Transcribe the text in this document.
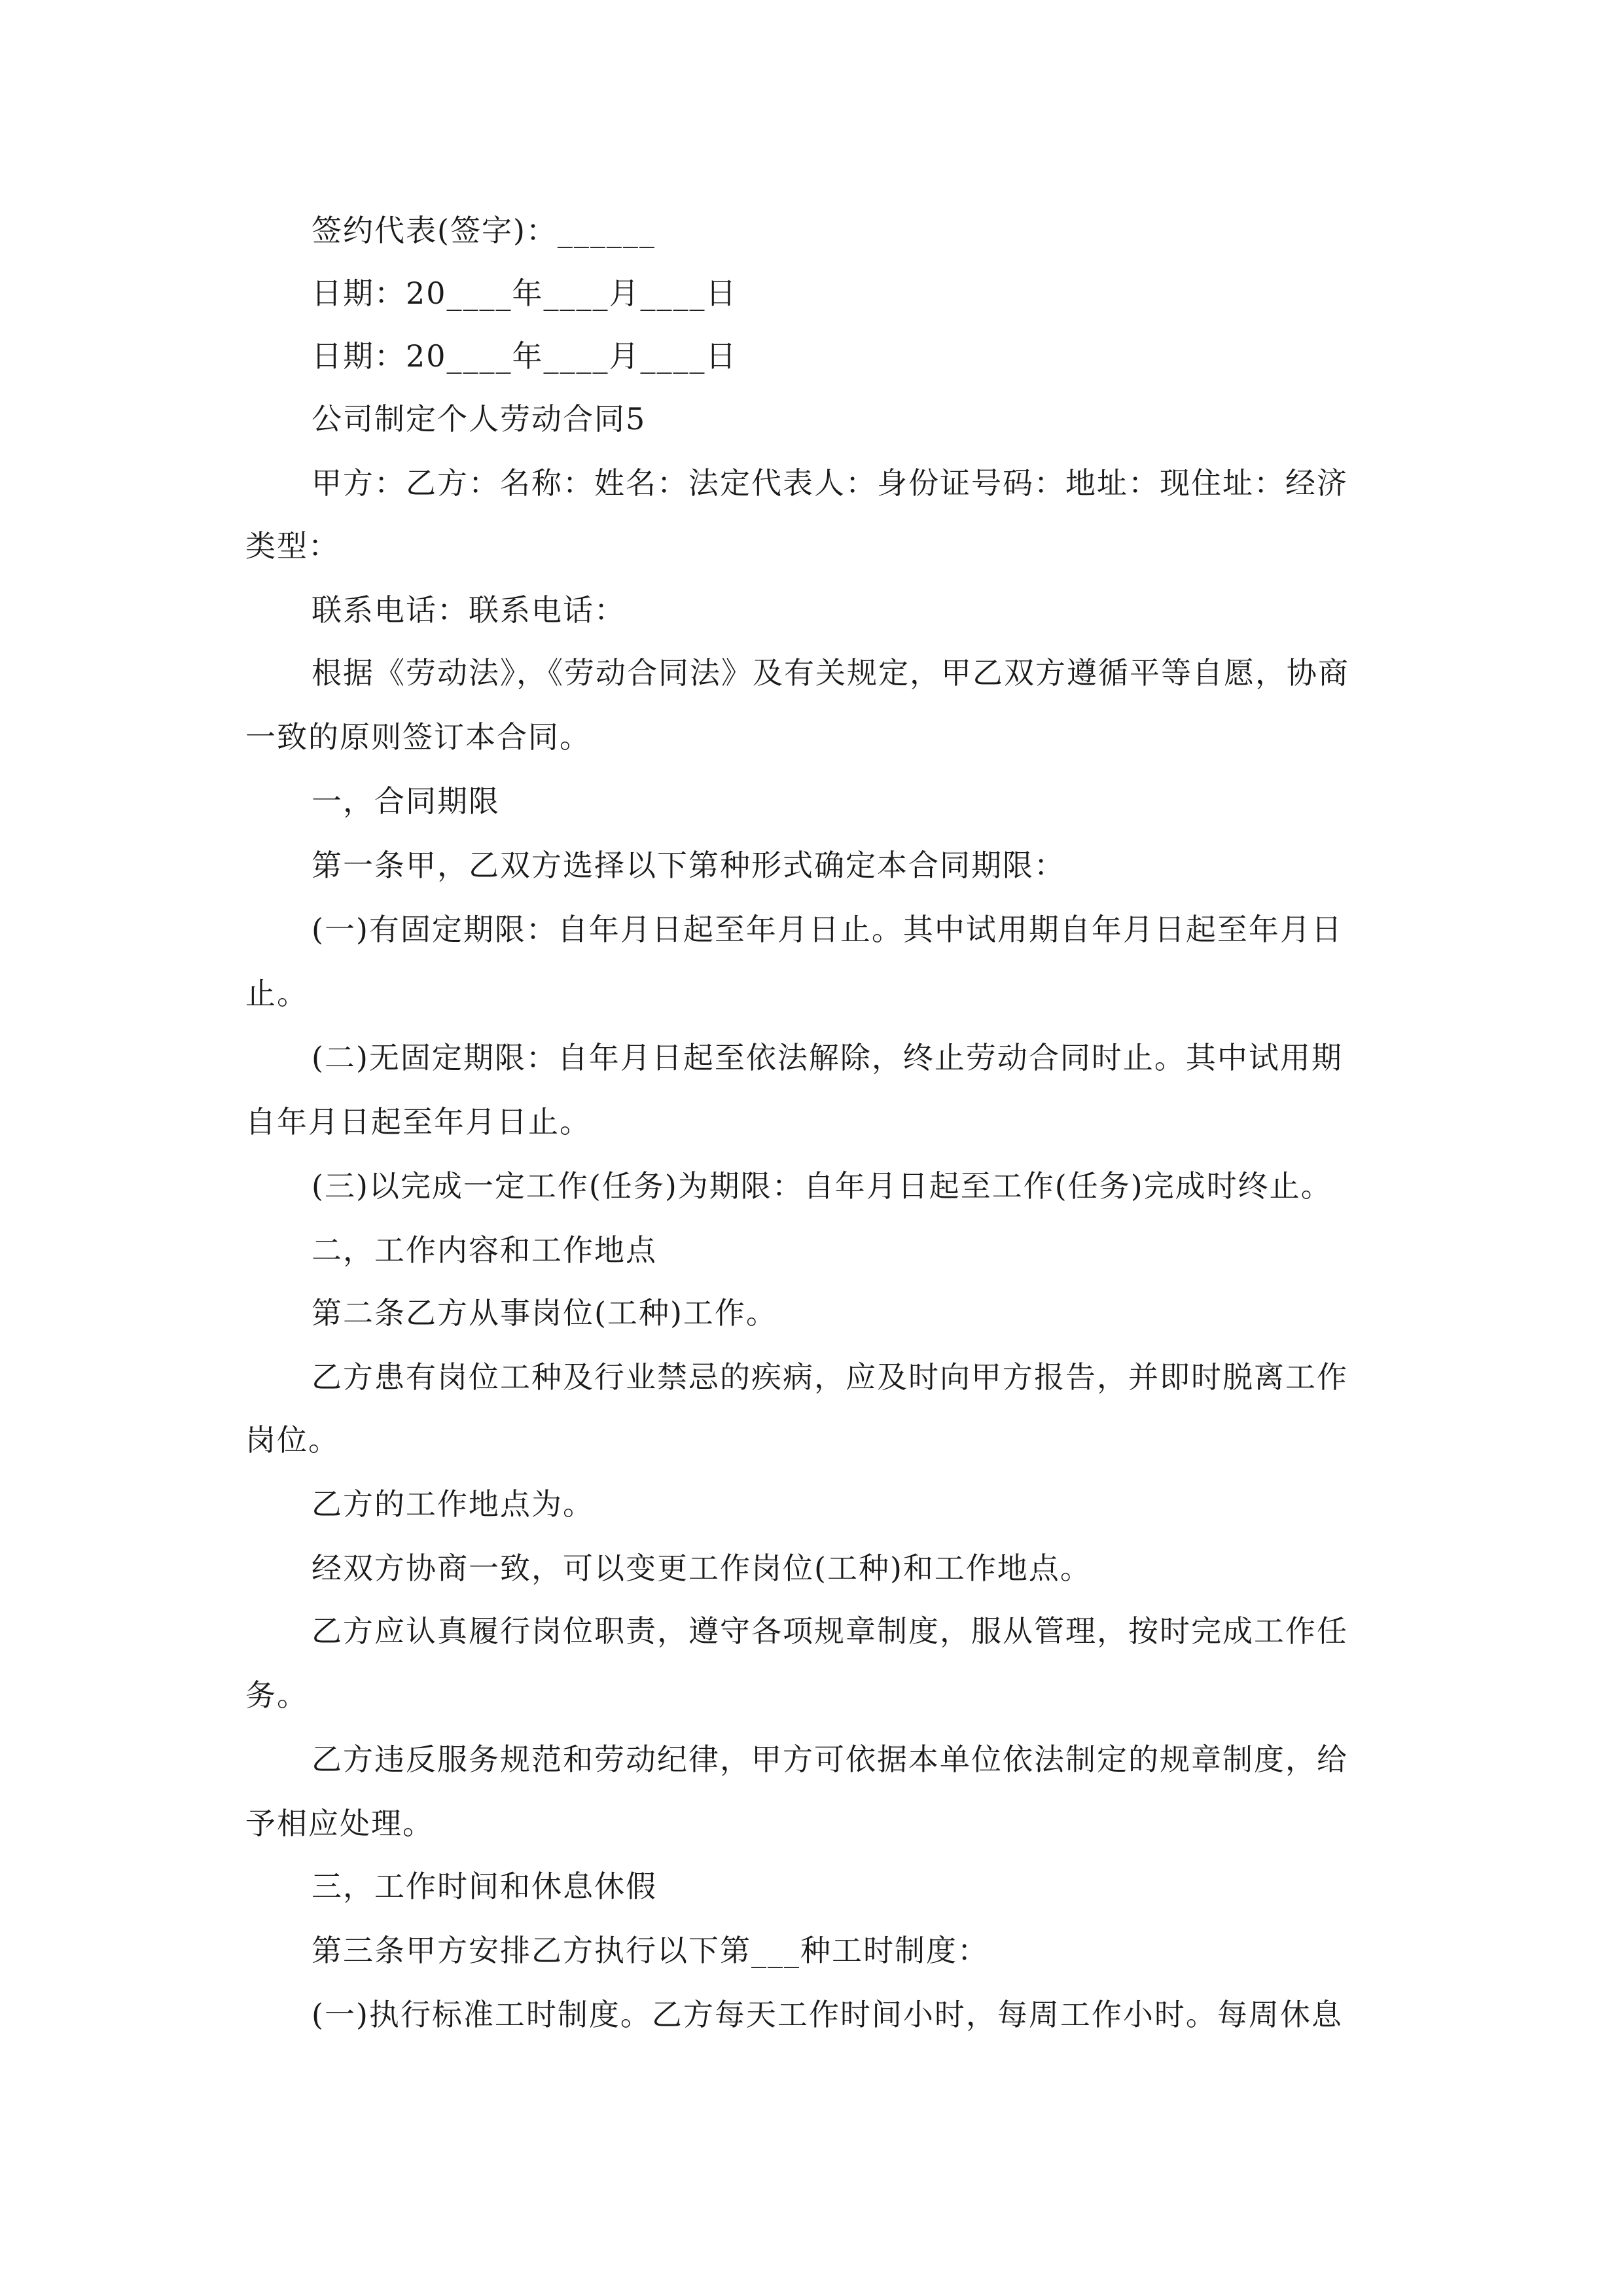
签约代表(签字)：______
日期：20____年____月____日
日期：20____年____月____日
公司制定个人劳动合同5
甲方：乙方：名称：姓名：法定代表人：身份证号码：地址：现住址：经济
类型：
联系电话：联系电话：
根据《劳动法》，《劳动合同法》及有关规定，甲乙双方遵循平等自愿，协商
一致的原则签订本合同。
一，合同期限
第一条甲，乙双方选择以下第种形式确定本合同期限：
(一)有固定期限：自年月日起至年月日止。其中试用期自年月日起至年月日
止。
(二)无固定期限：自年月日起至依法解除，终止劳动合同时止。其中试用期
自年月日起至年月日止。
(三)以完成一定工作(任务)为期限：自年月日起至工作(任务)完成时终止。
二，工作内容和工作地点
第二条乙方从事岗位(工种)工作。
乙方患有岗位工种及行业禁忌的疾病，应及时向甲方报告，并即时脱离工作
岗位。
乙方的工作地点为。
经双方协商一致，可以变更工作岗位(工种)和工作地点。
乙方应认真履行岗位职责，遵守各项规章制度，服从管理，按时完成工作任
务。
乙方违反服务规范和劳动纪律，甲方可依据本单位依法制定的规章制度，给
予相应处理。
三，工作时间和休息休假
第三条甲方安排乙方执行以下第___种工时制度：
(一)执行标准工时制度。乙方每天工作时间小时，每周工作小时。每周休息
